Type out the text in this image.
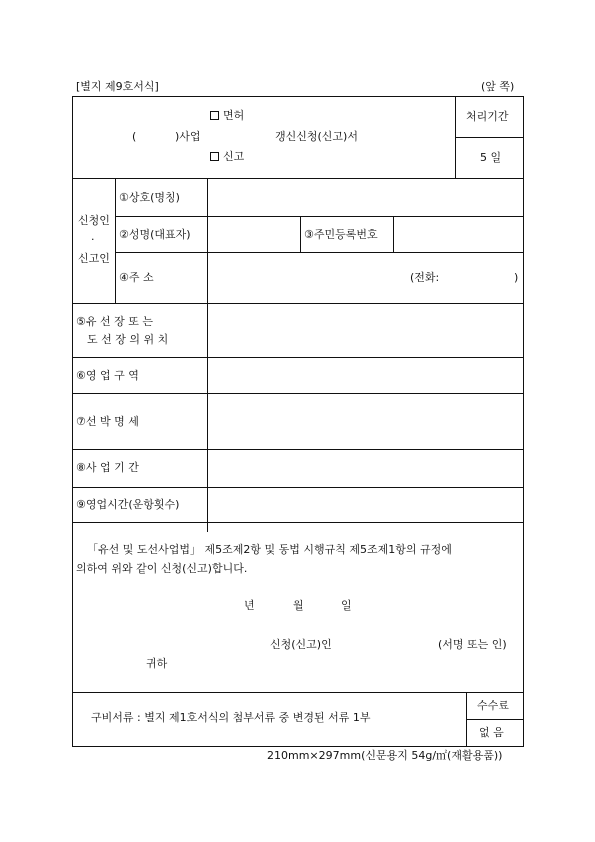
[별지 제9호서식]	(앞 쪽)
면허
(	)사업	갱신신청(신고)서
신고
처리기간
5 일
신청인
·
신고인
①상호(명칭)
②성명(대표자)	③주민등록번호
④주 소	(전화:	)
⑤유 선 장 또 는
도 선 장 의 위 치
⑥영 업 구 역
⑦선 박 명 세
⑧사 업 기 간
⑨영업시간(운항횟수)
「유선 및 도선사업법」 제5조제2항 및 동법 시행규칙 제5조제1항의 규정에
의하여 위와 같이 신청(신고)합니다.
년	월	일
신청(신고)인	(서명 또는 인)
귀하
구비서류 : 별지 제1호서식의 첨부서류 중 변경된 서류 1부
수수료
없 음
210mm×297mm(신문용지 54g/㎡(재활용품))
